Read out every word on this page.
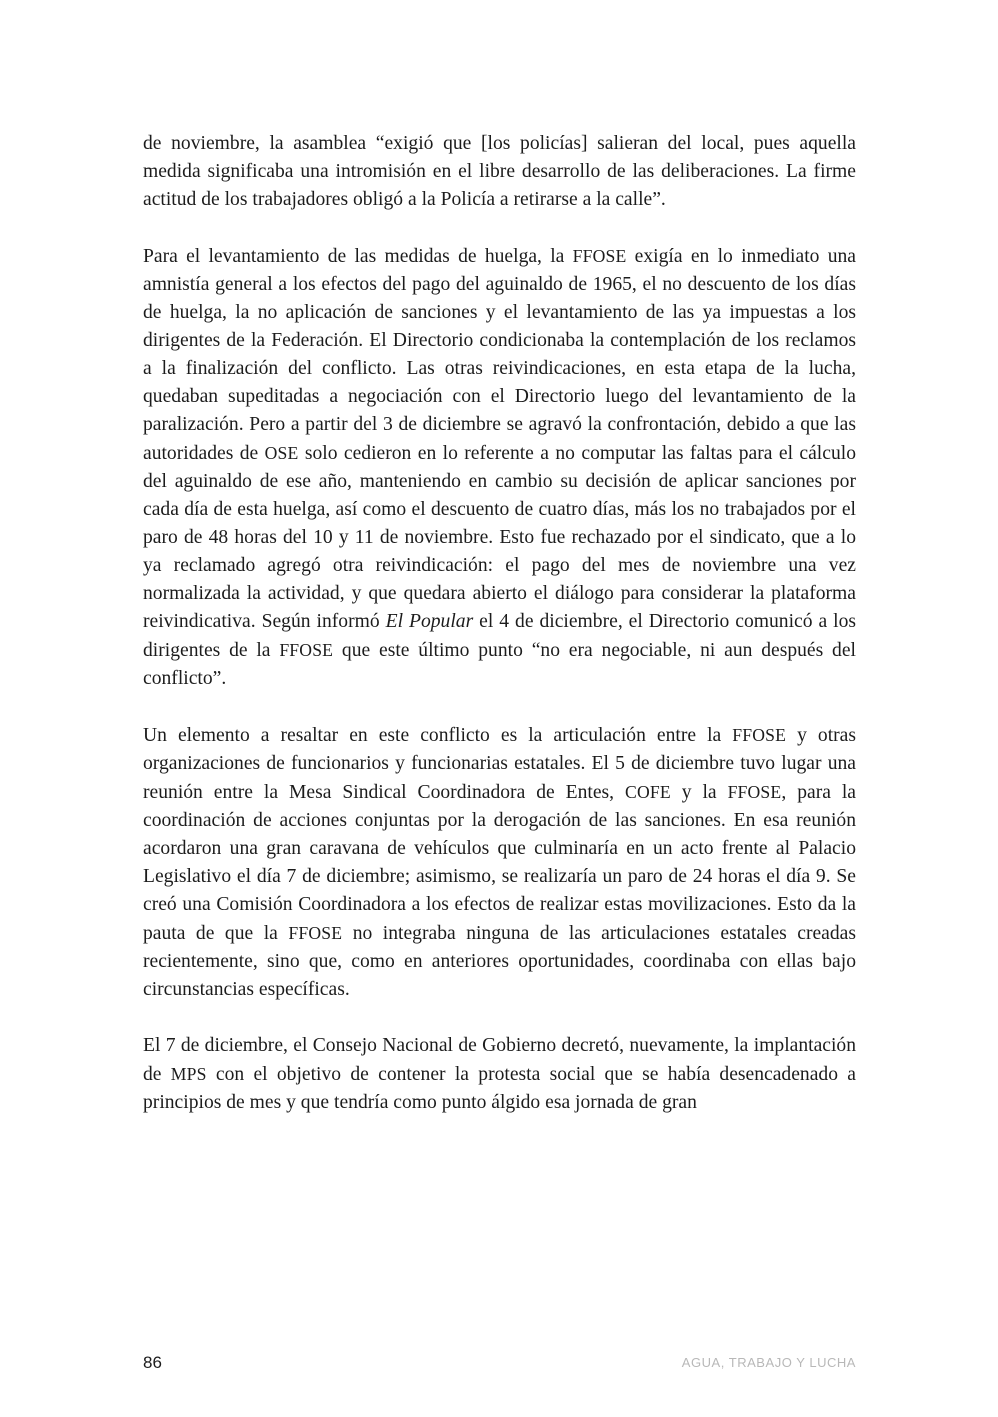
de noviembre, la asamblea “exigió que [los policías] salieran del local, pues aquella medida significaba una intromisión en el libre desarrollo de las deliberaciones. La firme actitud de los trabajadores obligó a la Policía a retirarse a la calle”.

Para el levantamiento de las medidas de huelga, la FFOSE exigía en lo inmediato una amnistía general a los efectos del pago del aguinaldo de 1965, el no descuento de los días de huelga, la no aplicación de sanciones y el levantamiento de las ya impuestas a los dirigentes de la Federación. El Directorio condicionaba la contemplación de los reclamos a la finalización del conflicto. Las otras reivindicaciones, en esta etapa de la lucha, quedaban supeditadas a negociación con el Directorio luego del levantamiento de la paralización. Pero a partir del 3 de diciembre se agravó la confrontación, debido a que las autoridades de OSE solo cedieron en lo referente a no computar las faltas para el cálculo del aguinaldo de ese año, manteniendo en cambio su decisión de aplicar sanciones por cada día de esta huelga, así como el descuento de cuatro días, más los no trabajados por el paro de 48 horas del 10 y 11 de noviembre. Esto fue rechazado por el sindicato, que a lo ya reclamado agregó otra reivindicación: el pago del mes de noviembre una vez normalizada la actividad, y que quedara abierto el diálogo para considerar la plataforma reivindicativa. Según informó El Popular el 4 de diciembre, el Directorio comunicó a los dirigentes de la FFOSE que este último punto “no era negociable, ni aun después del conflicto”.

Un elemento a resaltar en este conflicto es la articulación entre la FFOSE y otras organizaciones de funcionarios y funcionarias estatales. El 5 de diciembre tuvo lugar una reunión entre la Mesa Sindical Coordinadora de Entes, COFE y la FFOSE, para la coordinación de acciones conjuntas por la derogación de las sanciones. En esa reunión acordaron una gran caravana de vehículos que culminaría en un acto frente al Palacio Legislativo el día 7 de diciembre; asimismo, se realizaría un paro de 24 horas el día 9. Se creó una Comisión Coordinadora a los efectos de realizar estas movilizaciones. Esto da la pauta de que la FFOSE no integraba ninguna de las articulaciones estatales creadas recientemente, sino que, como en anteriores oportunidades, coordinaba con ellas bajo circunstancias específicas.

El 7 de diciembre, el Consejo Nacional de Gobierno decretó, nuevamente, la implantación de MPS con el objetivo de contener la protesta social que se había desencadenado a principios de mes y que tendría como punto álgido esa jornada de gran

86	AGUA, TRABAJO Y LUCHA
